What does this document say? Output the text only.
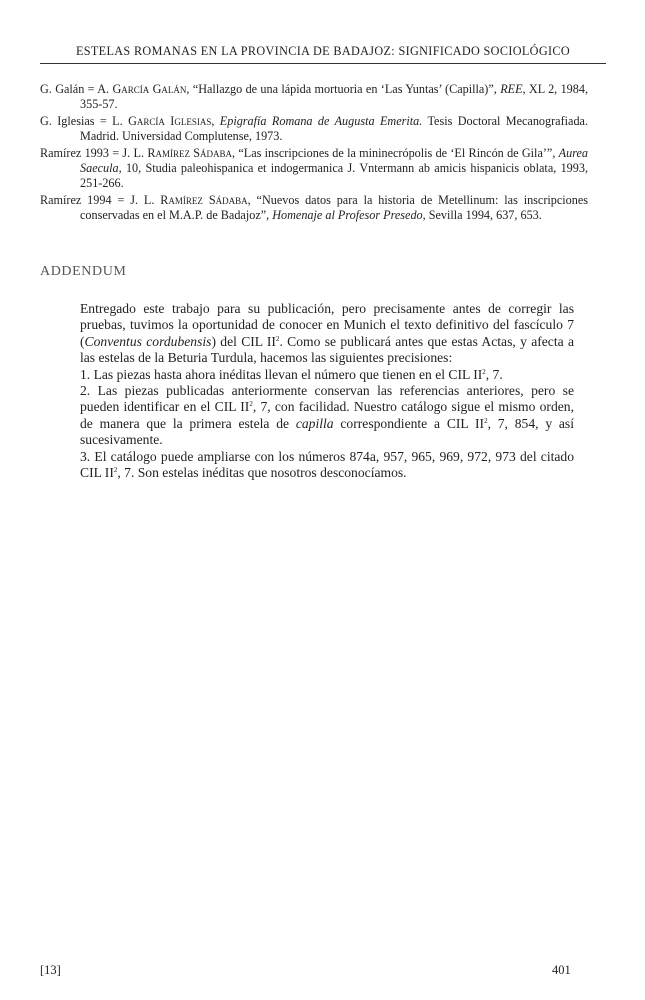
ESTELAS ROMANAS EN LA PROVINCIA DE BADAJOZ: SIGNIFICADO SOCIOLÓGICO

G. Galán = A. García Galán, “Hallazgo de una lápida mortuoria en ‘Las Yuntas’ (Capilla)”, REE, XL 2, 1984, 355-57.

G. Iglesias = L. García Iglesias, Epigrafía Romana de Augusta Emerita. Tesis Doctoral Mecanografiada. Madrid. Universidad Complutense, 1973.

Ramírez 1993 = J. L. Ramírez Sádaba, “Las inscripciones de la mininecrópolis de ‘El Rincón de Gila’”, Aurea Saecula, 10, Studia paleohispanica et indogermanica J. Vntermann ab amicis hispanicis oblata, 1993, 251-266.

Ramírez 1994 = J. L. Ramírez Sádaba, “Nuevos datos para la historia de Metellinum: las inscripciones conservadas en el M.A.P. de Badajoz”, Homenaje al Profesor Presedo, Sevilla 1994, 637, 653.

ADDENDUM

Entregado este trabajo para su publicación, pero precisamente antes de corregir las pruebas, tuvimos la oportunidad de conocer en Munich el texto definitivo del fascículo 7 (Conventus cordubensis) del CIL $II^2$. Como se publicará antes que estas Actas, y afecta a las estelas de la Beturia Turdula, hacemos las siguientes precisiones:

1. Las piezas hasta ahora inéditas llevan el número que tienen en el CIL $II^2$, 7.

2. Las piezas publicadas anteriormente conservan las referencias anteriores, pero se pueden identificar en el CIL $II^2$, 7, con facilidad. Nuestro catálogo sigue el mismo orden, de manera que la primera estela de capilla correspondiente a CIL $II^2$, 7, 854, y así sucesivamente.

3. El catálogo puede ampliarse con los números 874a, 957, 965, 969, 972, 973 del citado CIL $II^2$, 7. Son estelas inéditas que nosotros desconocíamos.

[13]	401
